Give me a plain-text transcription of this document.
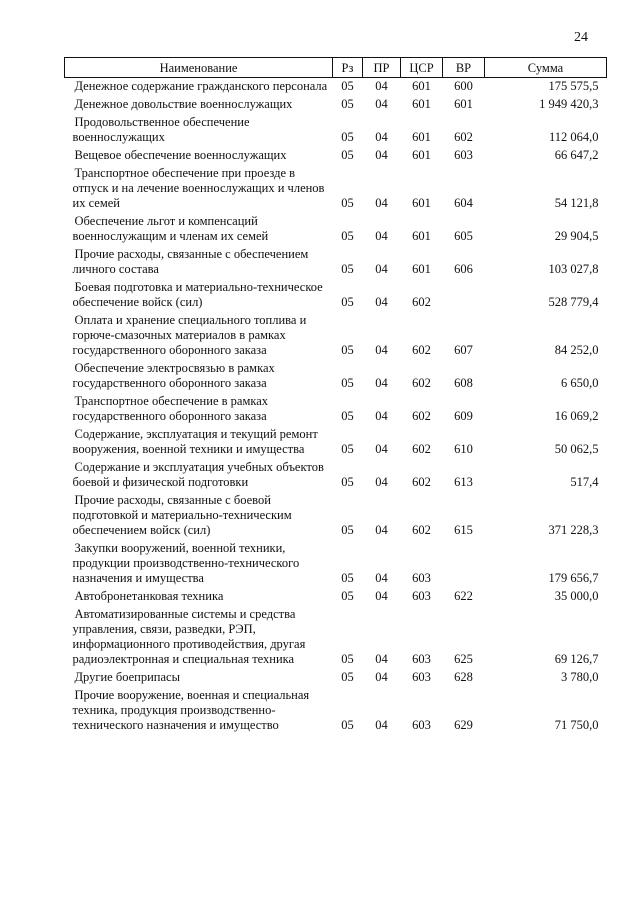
24
Наименование	Рз	ПР	ЦСР	ВР	Сумма
Денежное содержание гражданского персонала	05	04	601	600	175 575,5
Денежное довольствие военнослужащих	05	04	601	601	1 949 420,3
Продовольственное обеспечение военнослужащих	05	04	601	602	112 064,0
Вещевое обеспечение военнослужащих	05	04	601	603	66 647,2
Транспортное обеспечение при проезде в отпуск и на лечение военнослужащих и членов их семей	05	04	601	604	54 121,8
Обеспечение льгот и компенсаций военнослужащим и членам их семей	05	04	601	605	29 904,5
Прочие расходы, связанные с обеспечением личного состава	05	04	601	606	103 027,8
Боевая подготовка и материально-техническое обеспечение войск (сил)	05	04	602		528 779,4
Оплата и хранение специального топлива и горюче-смазочных материалов в рамках государственного оборонного заказа	05	04	602	607	84 252,0
Обеспечение электросвязью в рамках государственного оборонного заказа	05	04	602	608	6 650,0
Транспортное обеспечение в рамках государственного оборонного заказа	05	04	602	609	16 069,2
Содержание, эксплуатация и текущий ремонт вооружения, военной техники и имущества	05	04	602	610	50 062,5
Содержание и эксплуатация учебных объектов боевой и физической подготовки	05	04	602	613	517,4
Прочие расходы, связанные с боевой подготовкой и материально-техническим обеспечением войск (сил)	05	04	602	615	371 228,3
Закупки вооружений, военной техники, продукции производственно-технического назначения и имущества	05	04	603		179 656,7
Автобронетанковая техника	05	04	603	622	35 000,0
Автоматизированные системы и средства управления, связи, разведки, РЭП, информационного противодействия, другая радиоэлектронная и специальная техника	05	04	603	625	69 126,7
Другие боеприпасы	05	04	603	628	3 780,0
Прочие вооружение, военная и специальная техника, продукция производственно-технического назначения и имущество	05	04	603	629	71 750,0
